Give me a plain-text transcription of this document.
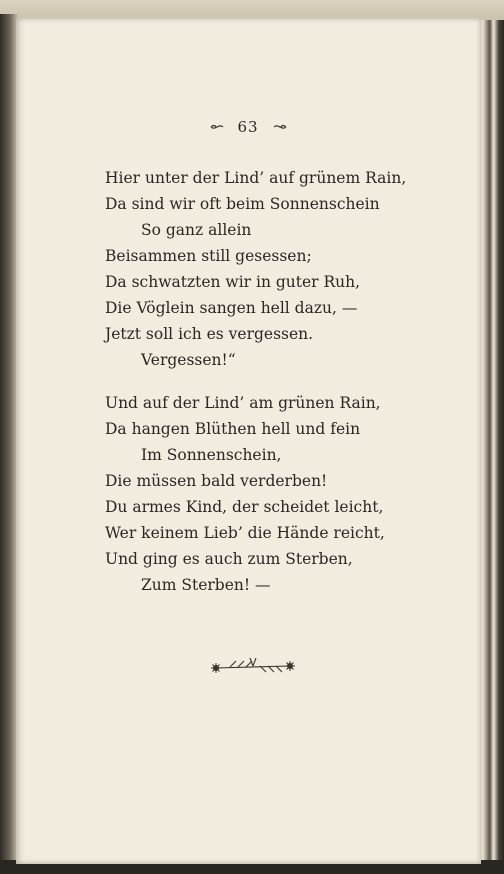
63
Hier unter der Lind’ auf grünem Rain,
Da sind wir oft beim Sonnenschein
So ganz allein
Beisammen still gesessen;
Da schwatzten wir in guter Ruh,
Die Vöglein sangen hell dazu, —
Jetzt soll ich es vergessen.
Vergessen!“
Und auf der Lind’ am grünen Rain,
Da hangen Blüthen hell und fein
Im Sonnenschein,
Die müssen bald verderben!
Du armes Kind, der scheidet leicht,
Wer keinem Lieb’ die Hände reicht,
Und ging es auch zum Sterben,
Zum Sterben! —
